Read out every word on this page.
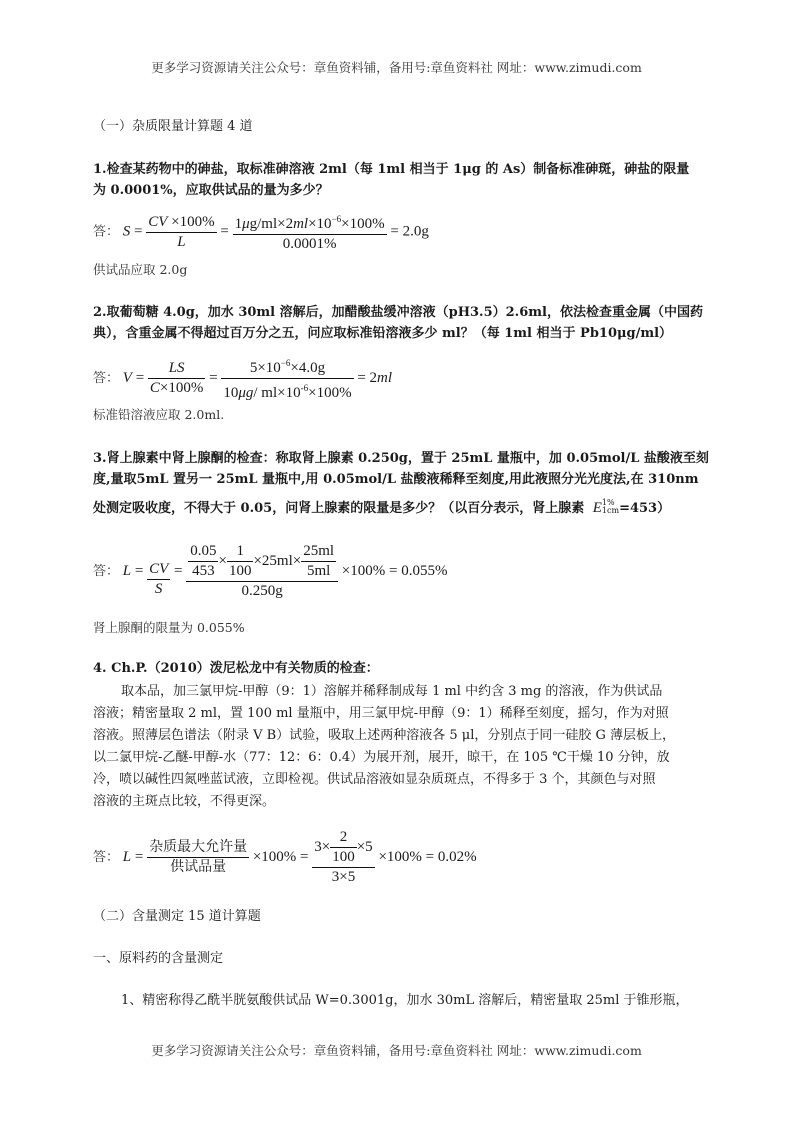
更多学习资源请关注公众号：章鱼资料铺，备用号:章鱼资料社 网址：www.zimudi.com
（一）杂质限量计算题 4 道
1.检查某药物中的砷盐，取标准砷溶液 2ml（每 1ml 相当于 1μg 的 As）制备标准砷斑，砷盐的限量
为 0.0001%，应取供试品的量为多少？
答： $S = \frac{CV \times 100\%}{L} = \frac{1\mu g/ml\times 2ml\times 10^{-6}\times 100\%}{0.0001\%} = 2.0g$
供试品应取 2.0g
2.取葡萄糖 4.0g，加水 30ml 溶解后，加醋酸盐缓冲溶液（pH3.5）2.6ml，依法检查重金属（中国药
典），含重金属不得超过百万分之五，问应取标准铅溶液多少 ml？（每 1ml 相当于 Pb10μg/ml）
答： $V = \frac{LS}{C\times 100\%} = \frac{5\times 10^{-6}\times 4.0g}{10\mu g/ ml\times 10^{-6}\times 100\%} = 2ml$
标准铅溶液应取 2.0ml.
3.肾上腺素中肾上腺酮的检查：称取肾上腺素 0.250g，置于 25mL 量瓶中，加 0.05mol/L 盐酸液至刻
度,量取5mL 置另一 25mL 量瓶中,用 0.05mol/L 盐酸液稀释至刻度,用此液照分光光度法,在 310nm
处测定吸收度，不得大于 0.05，问肾上腺素的限量是多少？（以百分表示，肾上腺素 E1%
1cm=453）
答： $L = \frac{CV}{S} = \frac{\frac{0.05}{453} \times \frac{1}{100} \times 25ml\times \frac{25ml}{5ml}}{0.250g} \times 100\% = 0.055\%$
肾上腺酮的限量为 0.055%
4. Ch.P.（2010）泼尼松龙中有关物质的检查：
取本品，加三氯甲烷-甲醇（9：1）溶解并稀释制成每 1 ml 中约含 3 mg 的溶液，作为供试品
溶液；精密量取 2 ml，置 100 ml 量瓶中，用三氯甲烷-甲醇（9：1）稀释至刻度，摇匀，作为对照
溶液。照薄层色谱法（附录 V B）试验，吸取上述两种溶液各 5 μl，分别点于同一硅胶 G 薄层板上，
以二氯甲烷-乙醚-甲醇-水（77：12：6：0.4）为展开剂，展开，晾干，在 105 ℃干燥 10 分钟，放
冷，喷以碱性四氮唑蓝试液，立即检视。供试品溶液如显杂质斑点，不得多于 3 个，其颜色与对照
溶液的主斑点比较，不得更深。
答： $L = \frac{\text{杂质最大允许量}}{\text{供试品量}} \times 100\% = \frac{3\times \frac{2}{100} \times 5}{3\times 5} \times 100\% = 0.02\%$
（二）含量测定 15 道计算题
一、原料药的含量测定
1、精密称得乙酰半胱氨酸供试品 W=0.3001g，加水 30mL 溶解后，精密量取 25ml 于锥形瓶，
更多学习资源请关注公众号：章鱼资料铺，备用号:章鱼资料社 网址：www.zimudi.com
